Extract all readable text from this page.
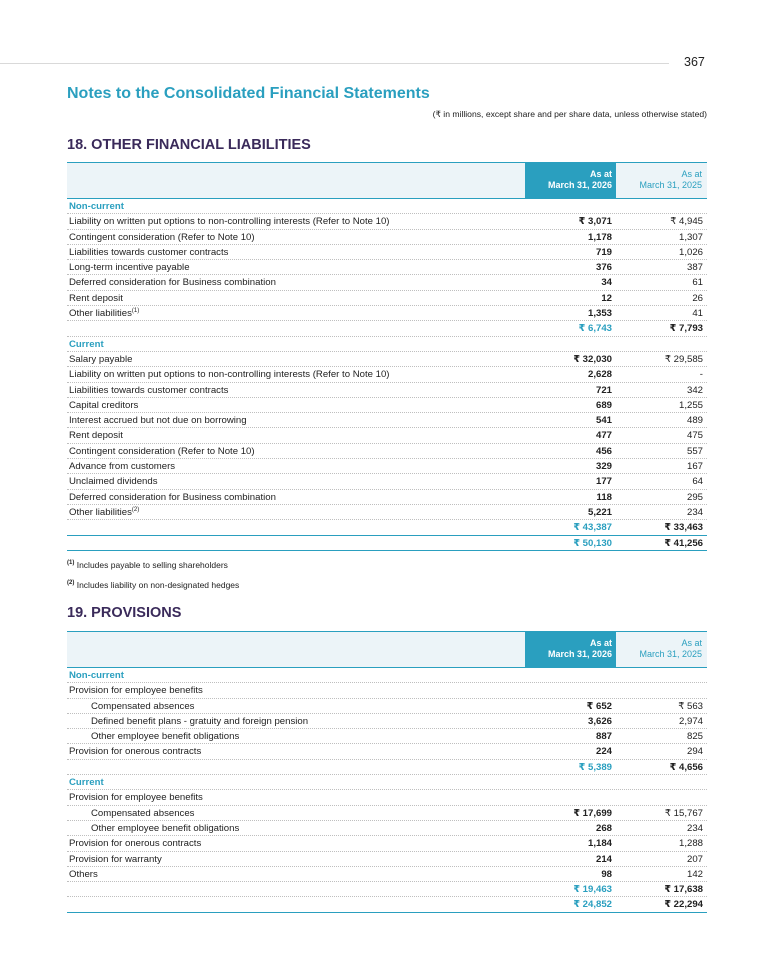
367
Notes to the Consolidated Financial Statements
(₹ in millions, except share and per share data, unless otherwise stated)
18. OTHER FINANCIAL LIABILITIES
As at
March 31, 2026
As at
March 31, 2025
Non-current
Liability on written put options to non-controlling interests (Refer to Note 10)	₹ 3,071	₹ 4,945
Contingent consideration (Refer to Note 10)	1,178	1,307
Liabilities towards customer contracts	719	1,026
Long-term incentive payable	376	387
Deferred consideration for Business combination	34	61
Rent deposit	12	26
Other liabilities$^{(1)}$	1,353	41
₹ 6,743	₹ 7,793
Current
Salary payable	₹ 32,030	₹ 29,585
Liability on written put options to non-controlling interests (Refer to Note 10)	2,628	-
Liabilities towards customer contracts	721	342
Capital creditors	689	1,255
Interest accrued but not due on borrowing	541	489
Rent deposit	477	475
Contingent consideration (Refer to Note 10)	456	557
Advance from customers	329	167
Unclaimed dividends	177	64
Deferred consideration for Business combination	118	295
Other liabilities$^{(2)}$	5,221	234
₹ 43,387	₹ 33,463
₹ 50,130	₹ 41,256
$^{(1)}$ Includes payable to selling shareholders
$^{(2)}$ Includes liability on non-designated hedges
19. PROVISIONS
As at
March 31, 2026
As at
March 31, 2025
Non-current
Provision for employee benefits
Compensated absences	₹ 652	₹ 563
Defined benefit plans - gratuity and foreign pension	3,626	2,974
Other employee benefit obligations	887	825
Provision for onerous contracts	224	294
₹ 5,389	₹ 4,656
Current
Provision for employee benefits
Compensated absences	₹ 17,699	₹ 15,767
Other employee benefit obligations	268	234
Provision for onerous contracts	1,184	1,288
Provision for warranty	214	207
Others	98	142
₹ 19,463	₹ 17,638
₹ 24,852	₹ 22,294
